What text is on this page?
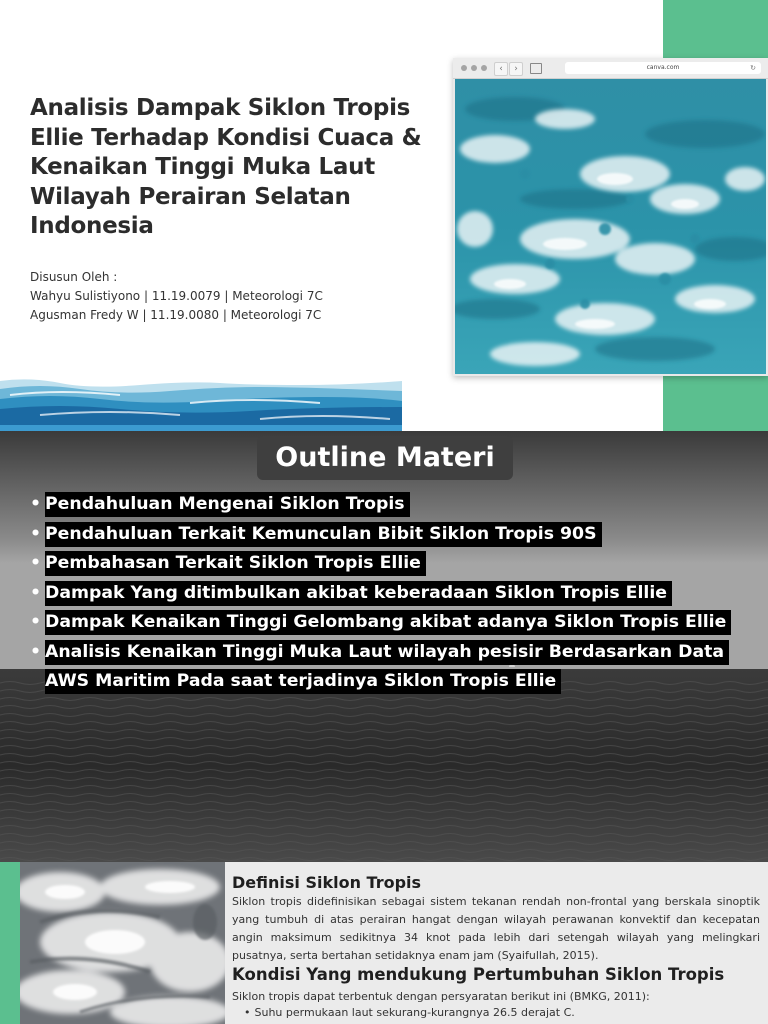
Analisis Dampak Siklon Tropis Ellie Terhadap Kondisi Cuaca & Kenaikan Tinggi Muka Laut Wilayah Perairan Selatan Indonesia
Disusun Oleh :
Wahyu Sulistiyono | 11.19.0079 | Meteorologi 7C
Agusman Fredy W | 11.19.0080 | Meteorologi 7C
‹	›	canva.com	↻
Outline Materi
• Pendahuluan Mengenai Siklon Tropis
• Pendahuluan Terkait Kemunculan Bibit Siklon Tropis 90S
• Pembahasan Terkait Siklon Tropis Ellie
• Dampak Yang ditimbulkan akibat keberadaan Siklon Tropis Ellie
• Dampak Kenaikan Tinggi Gelombang akibat adanya Siklon Tropis Ellie
• Analisis Kenaikan Tinggi Muka Laut wilayah pesisir Berdasarkan Data AWS Maritim Pada saat terjadinya Siklon Tropis Ellie
Definisi Siklon Tropis

Siklon tropis didefinisikan sebagai sistem tekanan rendah non-frontal yang berskala sinoptik yang tumbuh di atas perairan hangat dengan wilayah perawanan konvektif dan kecepatan angin maksimum sedikitnya 34 knot pada lebih dari setengah wilayah yang melingkari pusatnya, serta bertahan setidaknya enam jam (Syaifullah, 2015).

Kondisi Yang mendukung Pertumbuhan Siklon Tropis
Siklon tropis dapat terbentuk dengan persyaratan berikut ini (BMKG, 2011):
• Suhu permukaan laut sekurang-kurangnya 26.5 derajat C.
